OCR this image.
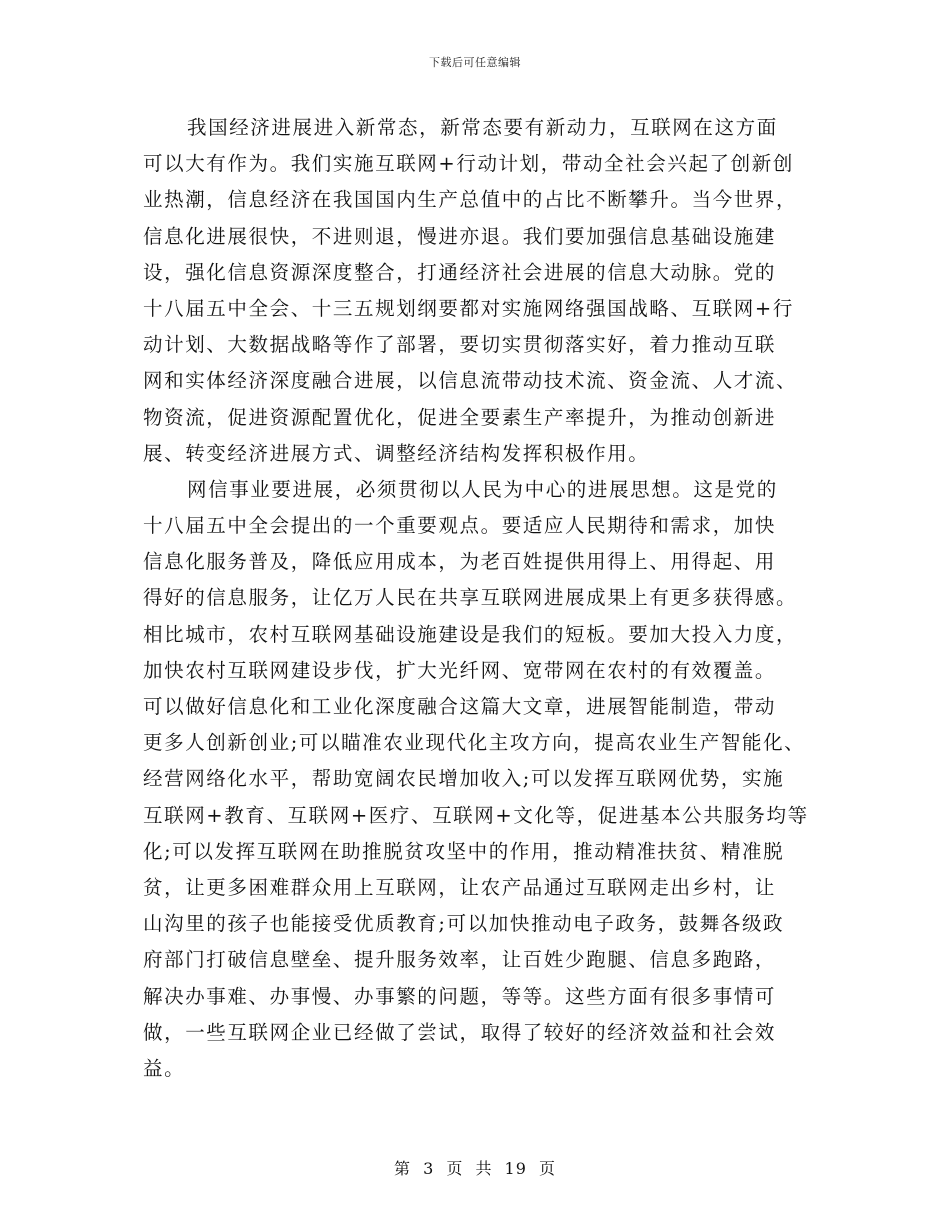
下载后可任意编辑
我国经济进展进入新常态，新常态要有新动力，互联网在这方面
可以大有作为。我们实施互联网+行动计划，带动全社会兴起了创新创
业热潮，信息经济在我国国内生产总值中的占比不断攀升。当今世界，
信息化进展很快，不进则退，慢进亦退。我们要加强信息基础设施建
设，强化信息资源深度整合，打通经济社会进展的信息大动脉。党的
十八届五中全会、十三五规划纲要都对实施网络强国战略、互联网+行
动计划、大数据战略等作了部署，要切实贯彻落实好，着力推动互联
网和实体经济深度融合进展，以信息流带动技术流、资金流、人才流、
物资流，促进资源配置优化，促进全要素生产率提升，为推动创新进
展、转变经济进展方式、调整经济结构发挥积极作用。
网信事业要进展，必须贯彻以人民为中心的进展思想。这是党的
十八届五中全会提出的一个重要观点。要适应人民期待和需求，加快
信息化服务普及，降低应用成本，为老百姓提供用得上、用得起、用
得好的信息服务，让亿万人民在共享互联网进展成果上有更多获得感。
相比城市，农村互联网基础设施建设是我们的短板。要加大投入力度，
加快农村互联网建设步伐，扩大光纤网、宽带网在农村的有效覆盖。
可以做好信息化和工业化深度融合这篇大文章，进展智能制造，带动
更多人创新创业;可以瞄准农业现代化主攻方向，提高农业生产智能化、
经营网络化水平，帮助宽阔农民增加收入;可以发挥互联网优势，实施
互联网+教育、互联网+医疗、互联网+文化等，促进基本公共服务均等
化;可以发挥互联网在助推脱贫攻坚中的作用，推动精准扶贫、精准脱
贫，让更多困难群众用上互联网，让农产品通过互联网走出乡村，让
山沟里的孩子也能接受优质教育;可以加快推动电子政务，鼓舞各级政
府部门打破信息壁垒、提升服务效率，让百姓少跑腿、信息多跑路，
解决办事难、办事慢、办事繁的问题，等等。这些方面有很多事情可
做，一些互联网企业已经做了尝试，取得了较好的经济效益和社会效
益。
第 3 页 共 19 页
